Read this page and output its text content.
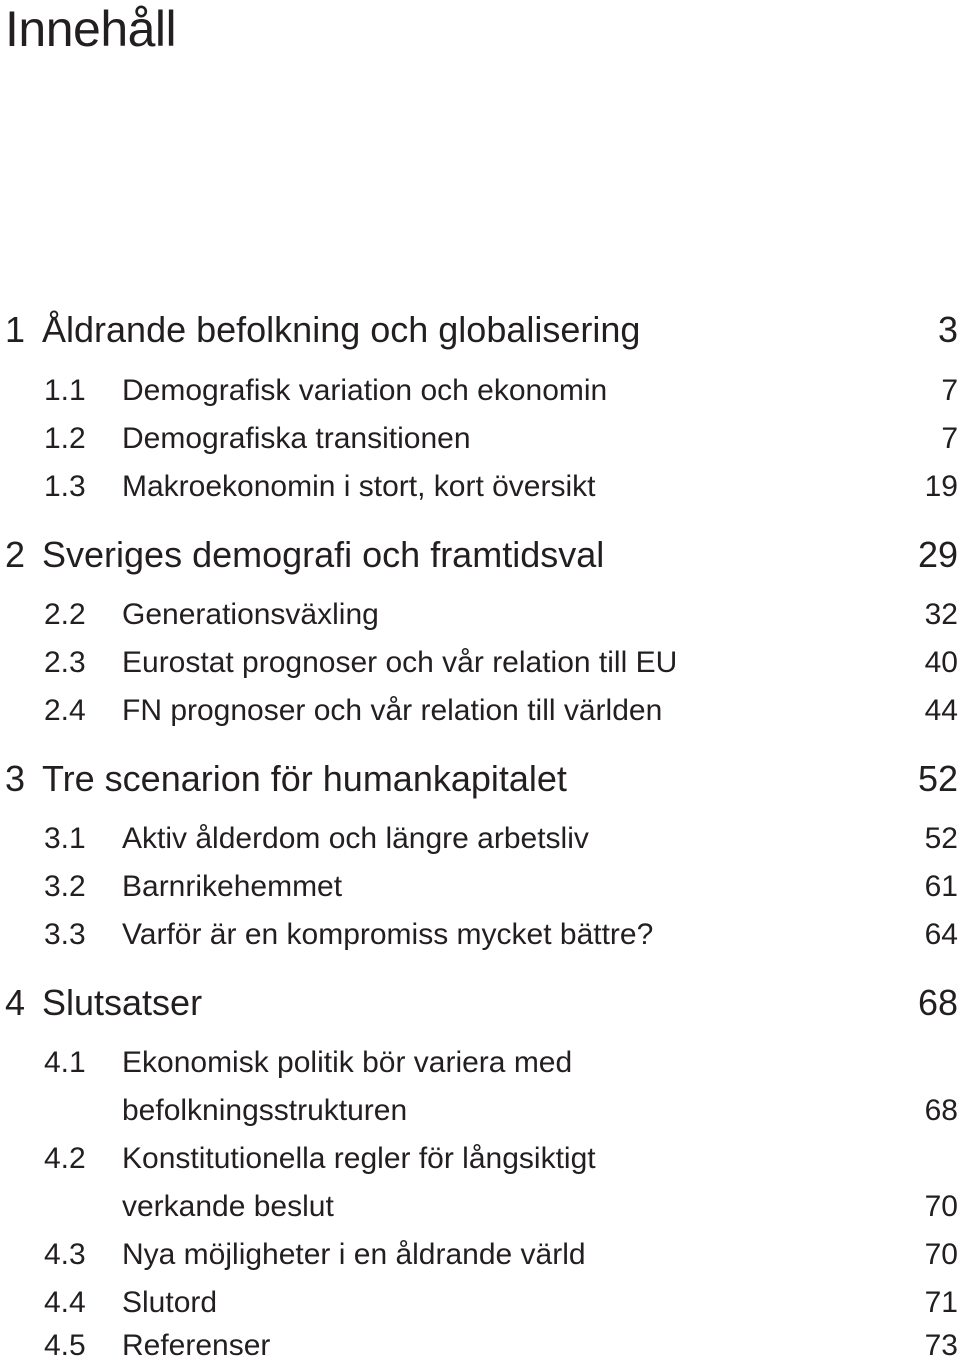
Innehåll
1 Åldrande befolkning och globalisering	3
1.1 Demografisk variation och ekonomin	7
1.2 Demografiska transitionen	7
1.3 Makroekonomin i stort, kort översikt	19
2 Sveriges demografi och framtidsval	29
2.2 Generationsväxling	32
2.3 Eurostat prognoser och vår relation till EU	40
2.4 FN prognoser och vår relation till världen	44
3 Tre scenarion för humankapitalet	52
3.1 Aktiv ålderdom och längre arbetsliv	52
3.2 Barnrikehemmet	61
3.3 Varför är en kompromiss mycket bättre?	64
4 Slutsatser	68
4.1 Ekonomisk politik bör variera med
befolkningsstrukturen	68
4.2 Konstitutionella regler för långsiktigt
verkande beslut	70
4.3 Nya möjligheter i en åldrande värld	70
4.4 Slutord	71
4.5 Referenser	73
